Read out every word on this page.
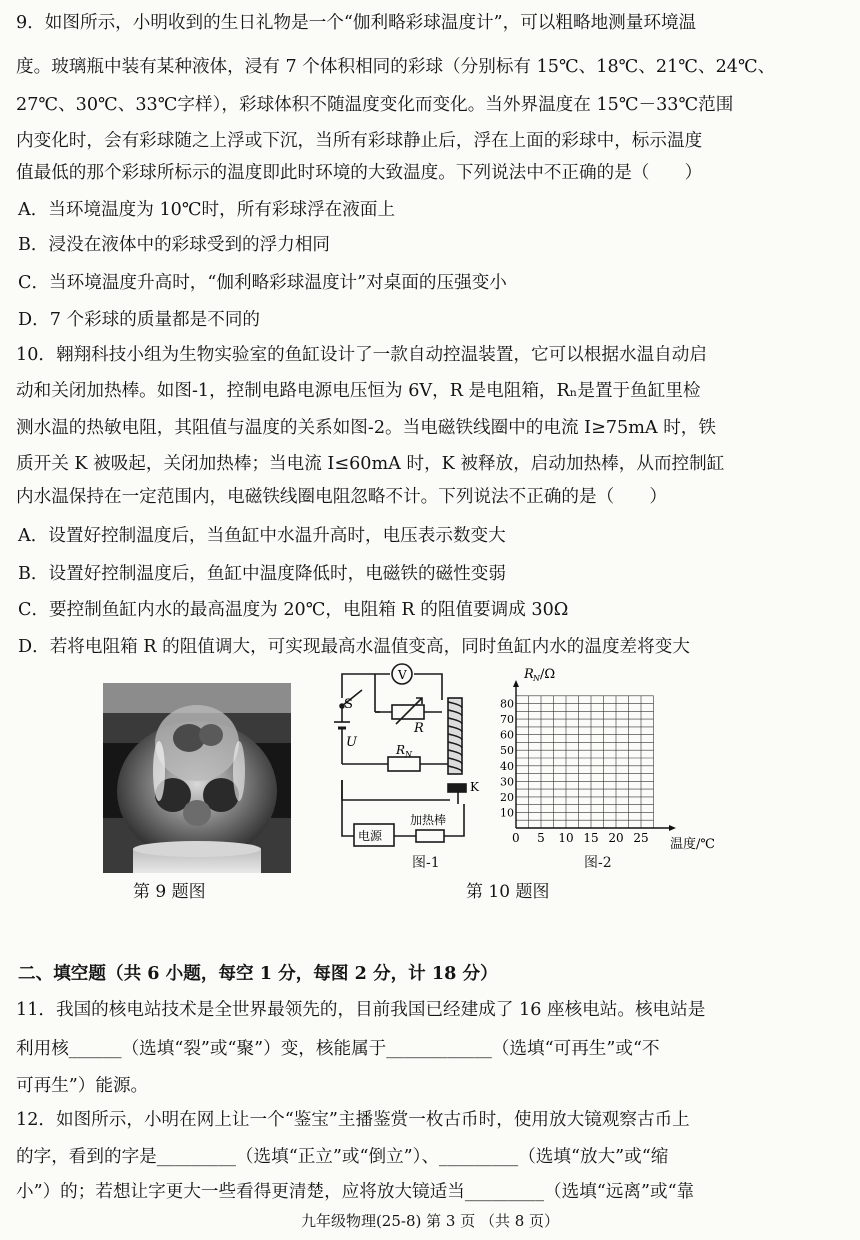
9．如图所示，小明收到的生日礼物是一个“伽利略彩球温度计”，可以粗略地测量环境温
度。玻璃瓶中装有某种液体，浸有 7 个体积相同的彩球（分别标有 15℃、18℃、21℃、24℃、
27℃、30℃、33℃字样），彩球体积不随温度变化而变化。当外界温度在 15℃－33℃范围
内变化时，会有彩球随之上浮或下沉，当所有彩球静止后，浮在上面的彩球中，标示温度
值最低的那个彩球所标示的温度即此时环境的大致温度。下列说法中不正确的是（　　）
A．当环境温度为 10℃时，所有彩球浮在液面上
B．浸没在液体中的彩球受到的浮力相同
C．当环境温度升高时，“伽利略彩球温度计”对桌面的压强变小
D．7 个彩球的质量都是不同的
10．翱翔科技小组为生物实验室的鱼缸设计了一款自动控温装置，它可以根据水温自动启
动和关闭加热棒。如图-1，控制电路电源电压恒为 6V，R 是电阻箱，Rₙ是置于鱼缸里检
测水温的热敏电阻，其阻值与温度的关系如图-2。当电磁铁线圈中的电流 I≥75mA 时，铁
质开关 K 被吸起，关闭加热棒；当电流 I≤60mA 时，K 被释放，启动加热棒，从而控制缸
内水温保持在一定范围内，电磁铁线圈电阻忽略不计。下列说法不正确的是（　　）
A．设置好控制温度后，当鱼缸中水温升高时，电压表示数变大
B．设置好控制温度后，鱼缸中温度降低时，电磁铁的磁性变弱
C．要控制鱼缸内水的最高温度为 20℃，电阻箱 R 的阻值要调成 30Ω
D．若将电阻箱 R 的阻值调大，可实现最高水温值变高，同时鱼缸内水的温度差将变大
第 9 题图
V
S
U
R
R N
K
电源
加热棒
图-1
0
10
20
30
40
50
60
70
80
5 10 15 20 25
R N /Ω
温度/℃
图-2
第 10 题图
二、填空题（共 6 小题，每空 1 分，每图 2 分，计 18 分）
11．我国的核电站技术是全世界最领先的，目前我国已经建成了 16 座核电站。核电站是
利用核______（选填“裂”或“聚”）变，核能属于____________（选填“可再生”或“不
可再生”）能源。
12．如图所示，小明在网上让一个“鉴宝”主播鉴赏一枚古币时，使用放大镜观察古币上
的字，看到的字是_________（选填“正立”或“倒立”）、_________（选填“放大”或“缩
小”）的；若想让字更大一些看得更清楚，应将放大镜适当_________（选填“远离”或“靠
九年级物理(25-8) 第 3 页 （共 8 页）
